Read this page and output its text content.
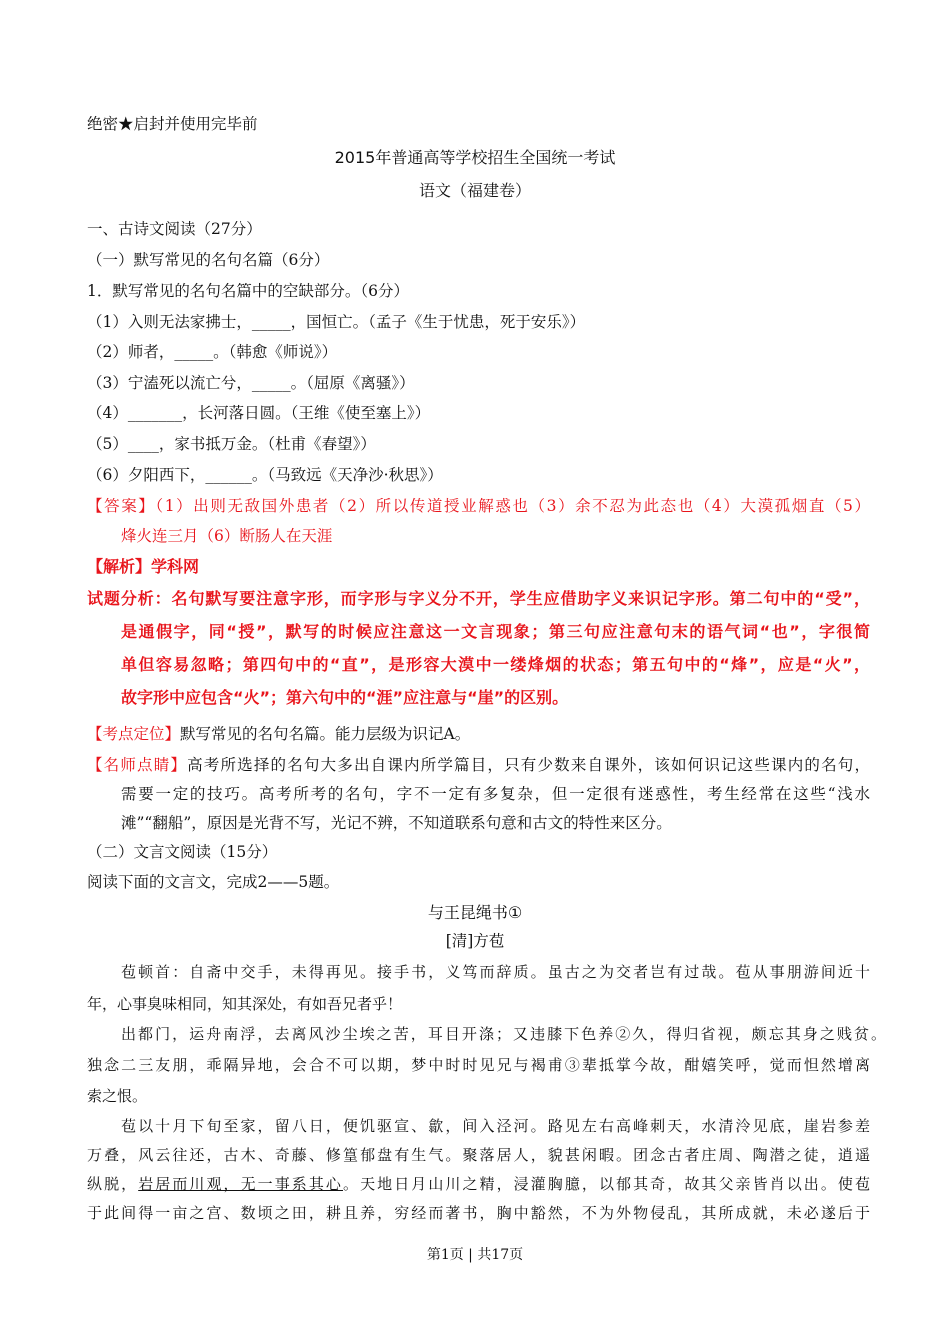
绝密★启封并使用完毕前
2015年普通高等学校招生全国统一考试
语文（福建卷）
一、古诗文阅读（27分）
（一）默写常见的名句名篇（6分）
1．默写常见的名句名篇中的空缺部分。（6分）
（1）入则无法家拂士，_____，国恒亡。（孟子《生于忧患，死于安乐》）
（2）师者，_____。（韩愈《师说》）
（3）宁溘死以流亡兮，_____。（屈原《离骚》）
（4）_______，长河落日圆。（王维《使至塞上》）
（5）____，家书抵万金。（杜甫《春望》）
（6）夕阳西下，______。（马致远《天净沙·秋思》）
【答案】（1）出则无敌国外患者（2）所以传道授业解惑也（3）余不忍为此态也（4）大漠孤烟直（5）
烽火连三月（6）断肠人在天涯
【解析】学科网
试题分析：名句默写要注意字形，而字形与字义分不开，学生应借助字义来识记字形。第二句中的“受”，
是通假字，同“授”，默写的时候应注意这一文言现象；第三句应注意句末的语气词“也”，字很简
单但容易忽略；第四句中的“直”，是形容大漠中一缕烽烟的状态；第五句中的“烽”，应是“火”，
故字形中应包含“火”；第六句中的“涯”应注意与“崖”的区别。
【考点定位】默写常见的名句名篇。能力层级为识记A。
【名师点睛】高考所选择的名句大多出自课内所学篇目，只有少数来自课外，该如何识记这些课内的名句，
需要一定的技巧。高考所考的名句，字不一定有多复杂，但一定很有迷惑性，考生经常在这些“浅水
滩”“翻船”，原因是光背不写，光记不辨，不知道联系句意和古文的特性来区分。
（二）文言文阅读（15分）
阅读下面的文言文，完成2——5题。
与王昆绳书①
[清]方苞
苞顿首：自斋中交手，未得再见。接手书，义笃而辞质。虽古之为交者岂有过哉。苞从事朋游间近十
年，心事臭味相同，知其深处，有如吾兄者乎！
出都门，运舟南浮，去离风沙尘埃之苦，耳目开涤；又违膝下色养②久，得归省视，颇忘其身之贱贫。
独念二三友朋，乖隔异地，会合不可以期，梦中时时见兄与褐甫③辈抵掌今故，酣嬉笑呼，觉而怛然增离
索之恨。
苞以十月下旬至家，留八日，便饥驱宣、歙，间入泾河。路见左右高峰刺天，水清泠见底，崖岩参差
万叠，风云往还，古木、奇藤、修篁郁盘有生气。聚落居人，貌甚闲暇。团念古者庄周、陶潜之徒，逍遥
纵脱，岩居而川观，无一事系其心。天地日月山川之精，浸灌胸臆，以郁其奇，故其父亲皆肖以出。使苞
于此间得一亩之宫、数顷之田，耕且养，穷经而著书，胸中豁然，不为外物侵乱，其所成就，未必遂后于
第1页 | 共17页
